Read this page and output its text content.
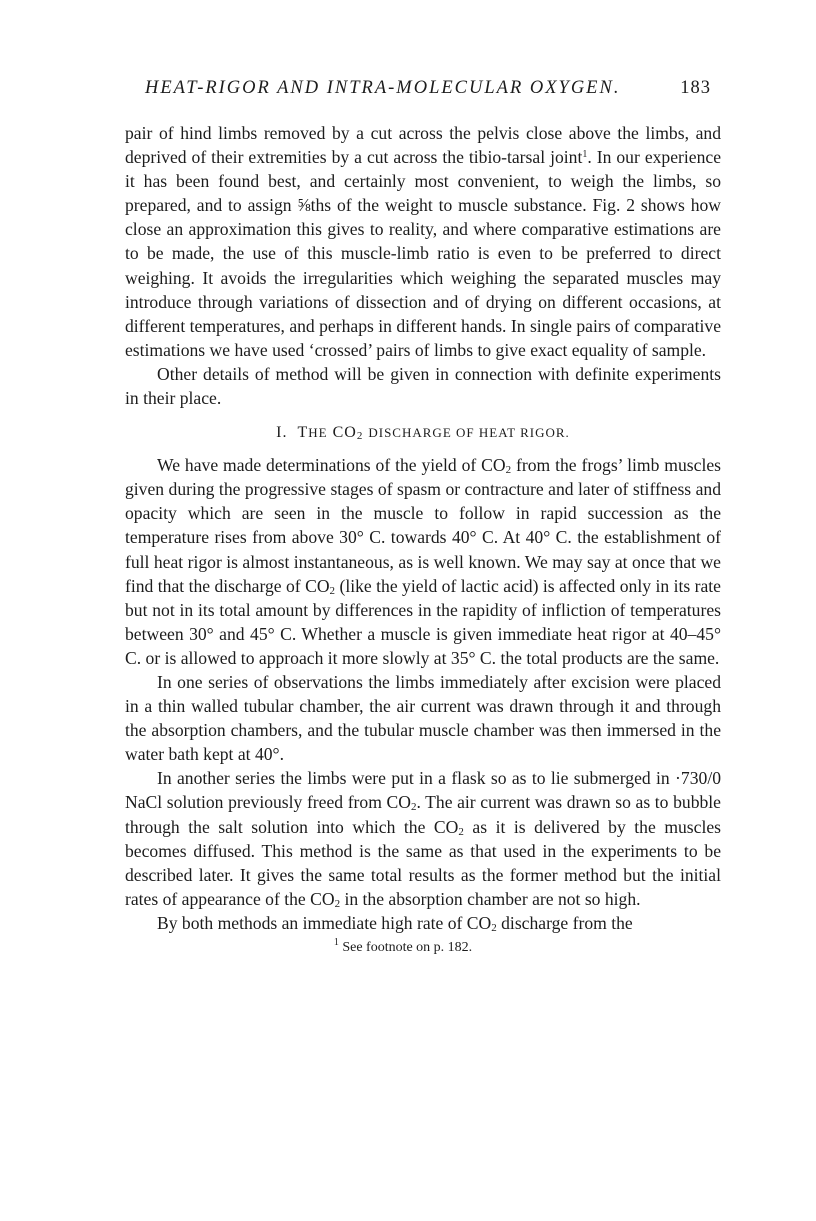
HEAT-RIGOR AND INTRA-MOLECULAR OXYGEN.	183

pair of hind limbs removed by a cut across the pelvis close above the limbs, and deprived of their extremities by a cut across the tibio-tarsal joint$^1$. In our experience it has been found best, and certainly most convenient, to weigh the limbs, so prepared, and to assign ⅝ths of the weight to muscle substance. Fig. 2 shows how close an approximation this gives to reality, and where comparative estimations are to be made, the use of this muscle-limb ratio is even to be preferred to direct weighing. It avoids the irregularities which weighing the separated muscles may introduce through variations of dissection and of drying on different occasions, at different temperatures, and perhaps in different hands. In single pairs of comparative estimations we have used ‘crossed’ pairs of limbs to give exact equality of sample.

Other details of method will be given in connection with definite experiments in their place.

I. THE $CO_2$ DISCHARGE OF HEAT RIGOR.

We have made determinations of the yield of $CO_2$ from the frogs’ limb muscles given during the progressive stages of spasm or contracture and later of stiffness and opacity which are seen in the muscle to follow in rapid succession as the temperature rises from above 30° C. towards 40° C. At 40° C. the establishment of full heat rigor is almost instantaneous, as is well known. We may say at once that we find that the discharge of $CO_2$ (like the yield of lactic acid) is affected only in its rate but not in its total amount by differences in the rapidity of infliction of temperatures between 30° and 45° C. Whether a muscle is given immediate heat rigor at 40–45° C. or is allowed to approach it more slowly at 35° C. the total products are the same.

In one series of observations the limbs immediately after excision were placed in a thin walled tubular chamber, the air current was drawn through it and through the absorption chambers, and the tubular muscle chamber was then immersed in the water bath kept at 40°.

In another series the limbs were put in a flask so as to lie submerged in ·730/0 NaCl solution previously freed from $CO_2$. The air current was drawn so as to bubble through the salt solution into which the $CO_2$ as it is delivered by the muscles becomes diffused. This method is the same as that used in the experiments to be described later. It gives the same total results as the former method but the initial rates of appearance of the $CO_2$ in the absorption chamber are not so high.

By both methods an immediate high rate of $CO_2$ discharge from the

$^1$ See footnote on p. 182.
